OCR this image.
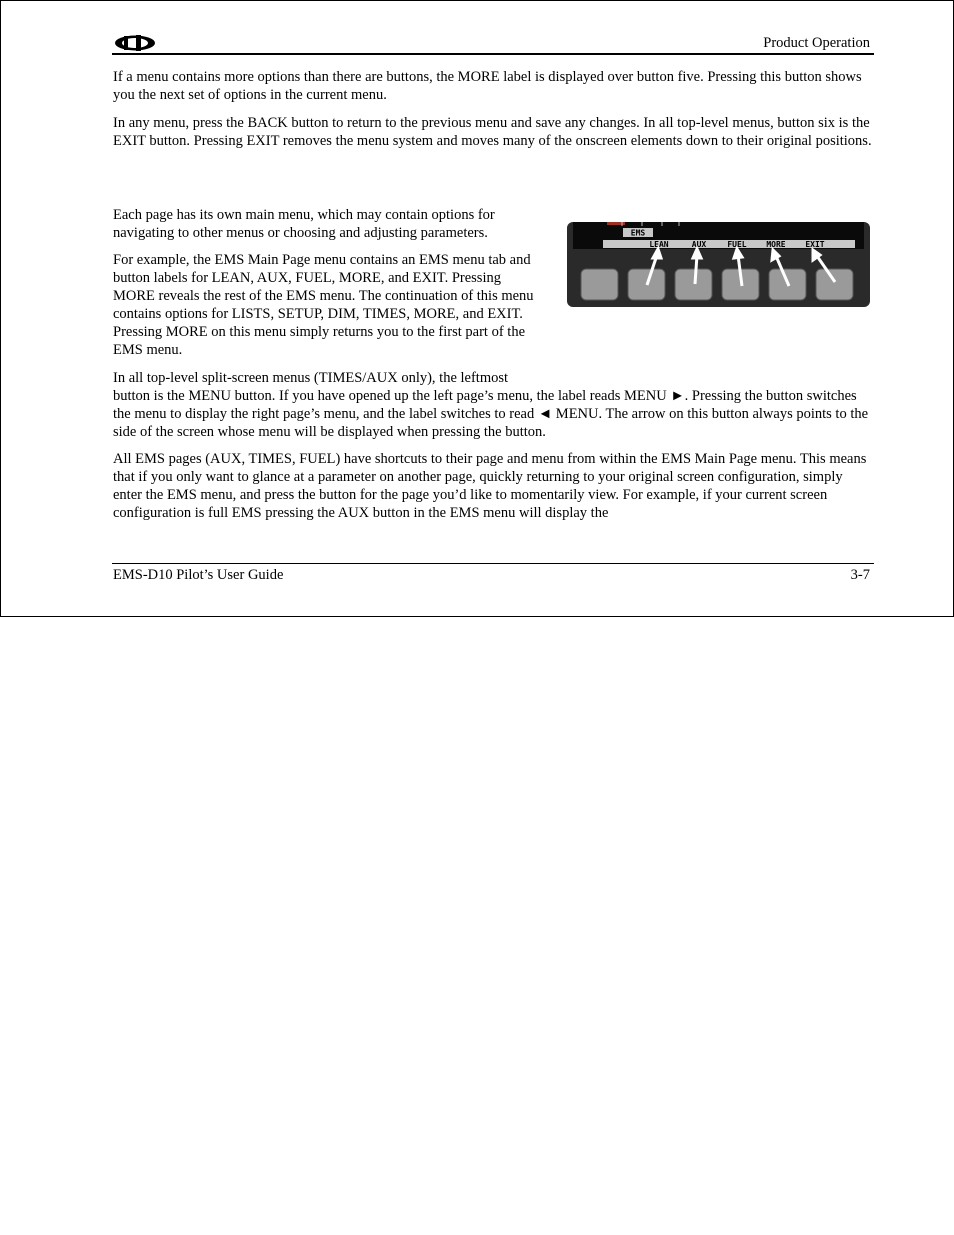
Product Operation

If a menu contains more options than there are buttons, the MORE label is displayed over button five. Pressing this button shows you the next set of options in the current menu.

In any menu, press the BACK button to return to the previous menu and save any changes. In all top-level menus, button six is the EXIT button. Pressing EXIT removes the menu system and moves many of the onscreen elements down to their original positions.

Each page has its own main menu, which may contain options for navigating to other menus or choosing and adjusting parameters.

For example, the EMS Main Page menu contains an EMS menu tab and button labels for LEAN, AUX, FUEL, MORE, and EXIT. Pressing MORE reveals the rest of the EMS menu. The continuation of this menu contains options for LISTS, SETUP, DIM, TIMES, MORE, and EXIT. Pressing MORE on this menu simply returns you to the first part of the EMS menu.

In all top-level split-screen menus (TIMES/AUX only), the leftmost

button is the MENU button. If you have opened up the left page’s menu, the label reads MENU ►. Pressing the button switches the menu to display the right page’s menu, and the label switches to read ◄ MENU. The arrow on this button always points to the side of the screen whose menu will be displayed when pressing the button.

All EMS pages (AUX, TIMES, FUEL) have shortcuts to their page and menu from within the EMS Main Page menu. This means that if you only want to glance at a parameter on another page, quickly returning to your original screen configuration, simply enter the EMS menu, and press the button for the page you’d like to momentarily view. For example, if your current screen configuration is full EMS pressing the AUX button in the EMS menu will display the

EMS
LEAN	AUX	FUEL MORE EXIT
EMS-D10 Pilot’s User Guide	3-7
